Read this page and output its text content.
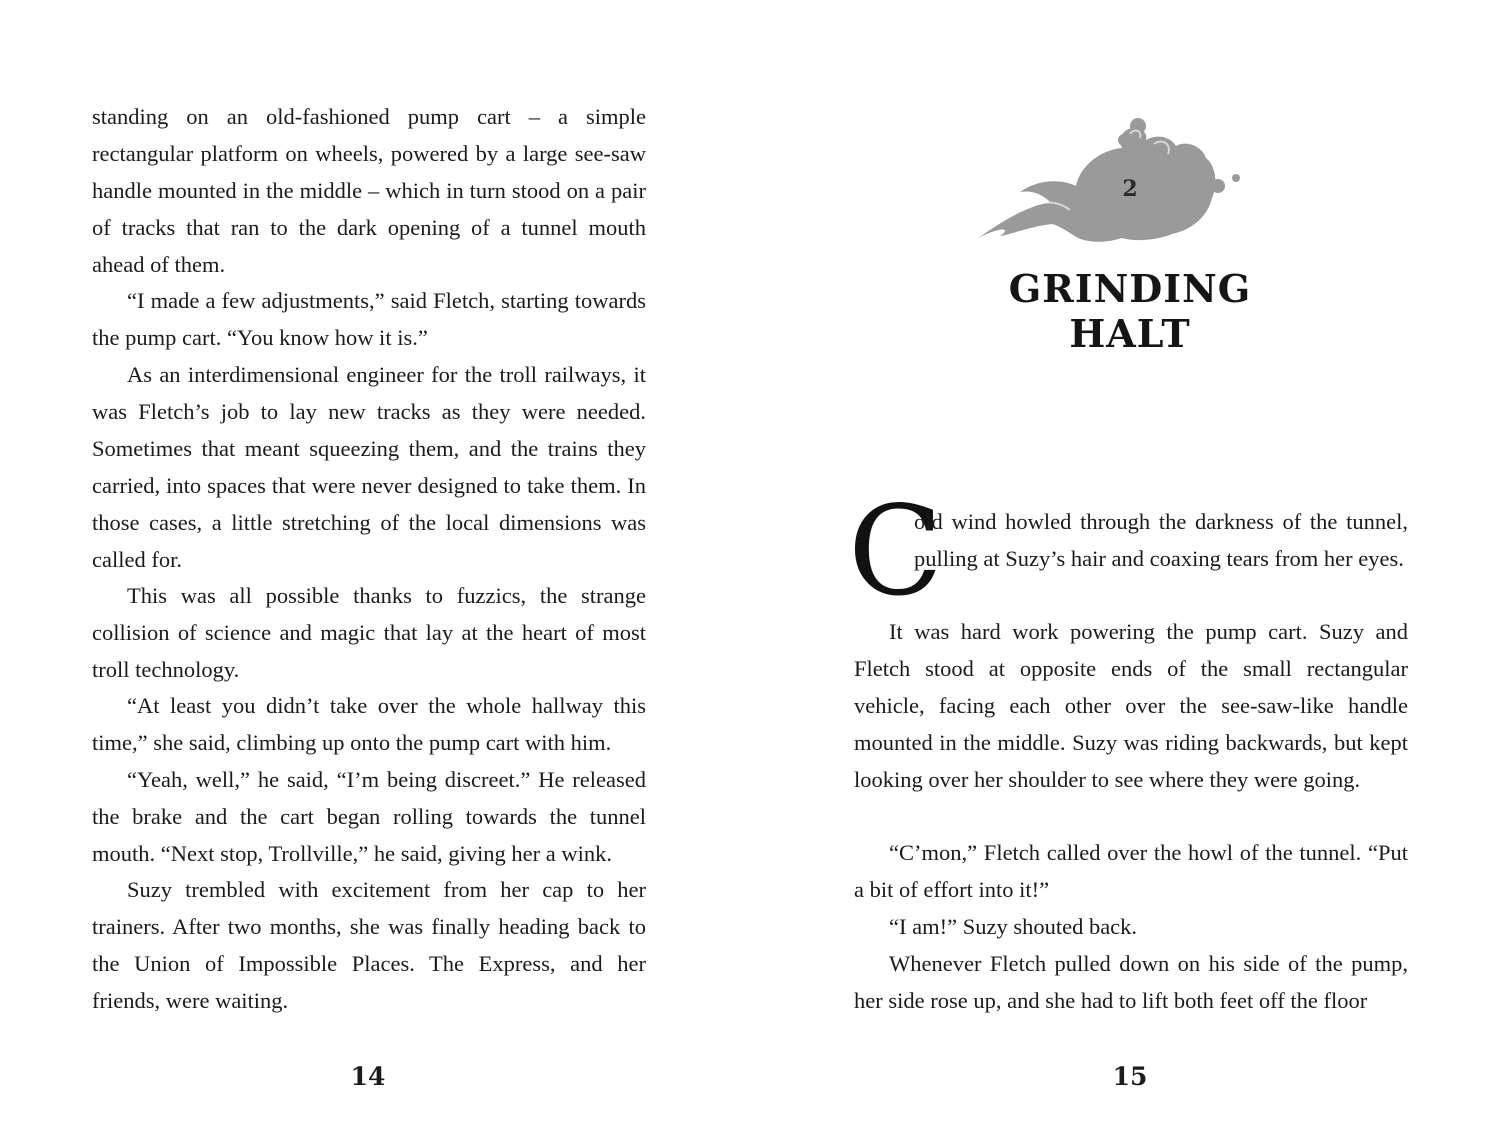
standing on an old-fashioned pump cart – a simple rectangular platform on wheels, powered by a large see-saw handle mounted in the middle – which in turn stood on a pair of tracks that ran to the dark opening of a tunnel mouth ahead of them.

“I made a few adjustments,” said Fletch, starting towards the pump cart. “You know how it is.”

As an interdimensional engineer for the troll railways, it was Fletch’s job to lay new tracks as they were needed. Sometimes that meant squeezing them, and the trains they carried, into spaces that were never designed to take them. In those cases, a little stretching of the local dimensions was called for.

This was all possible thanks to fuzzics, the strange collision of science and magic that lay at the heart of most troll technology.

“At least you didn’t take over the whole hallway this time,” she said, climbing up onto the pump cart with him.

“Yeah, well,” he said, “I’m being discreet.” He released the brake and the cart began rolling towards the tunnel mouth. “Next stop, Trollville,” he said, giving her a wink.

Suzy trembled with excitement from her cap to her trainers. After two months, she was finally heading back to the Union of Impossible Places. The Express, and her friends, were waiting.

14
2
GRINDING HALT
C

old wind howled through the darkness of the tunnel, pulling at Suzy’s hair and coaxing tears from her eyes.

It was hard work powering the pump cart. Suzy and Fletch stood at opposite ends of the small rectangular vehicle, facing each other over the see-saw-like handle mounted in the middle. Suzy was riding backwards, but kept looking over her shoulder to see where they were going.

“C’mon,” Fletch called over the howl of the tunnel. “Put a bit of effort into it!”

“I am!” Suzy shouted back.

Whenever Fletch pulled down on his side of the pump, her side rose up, and she had to lift both feet off the floor

15
